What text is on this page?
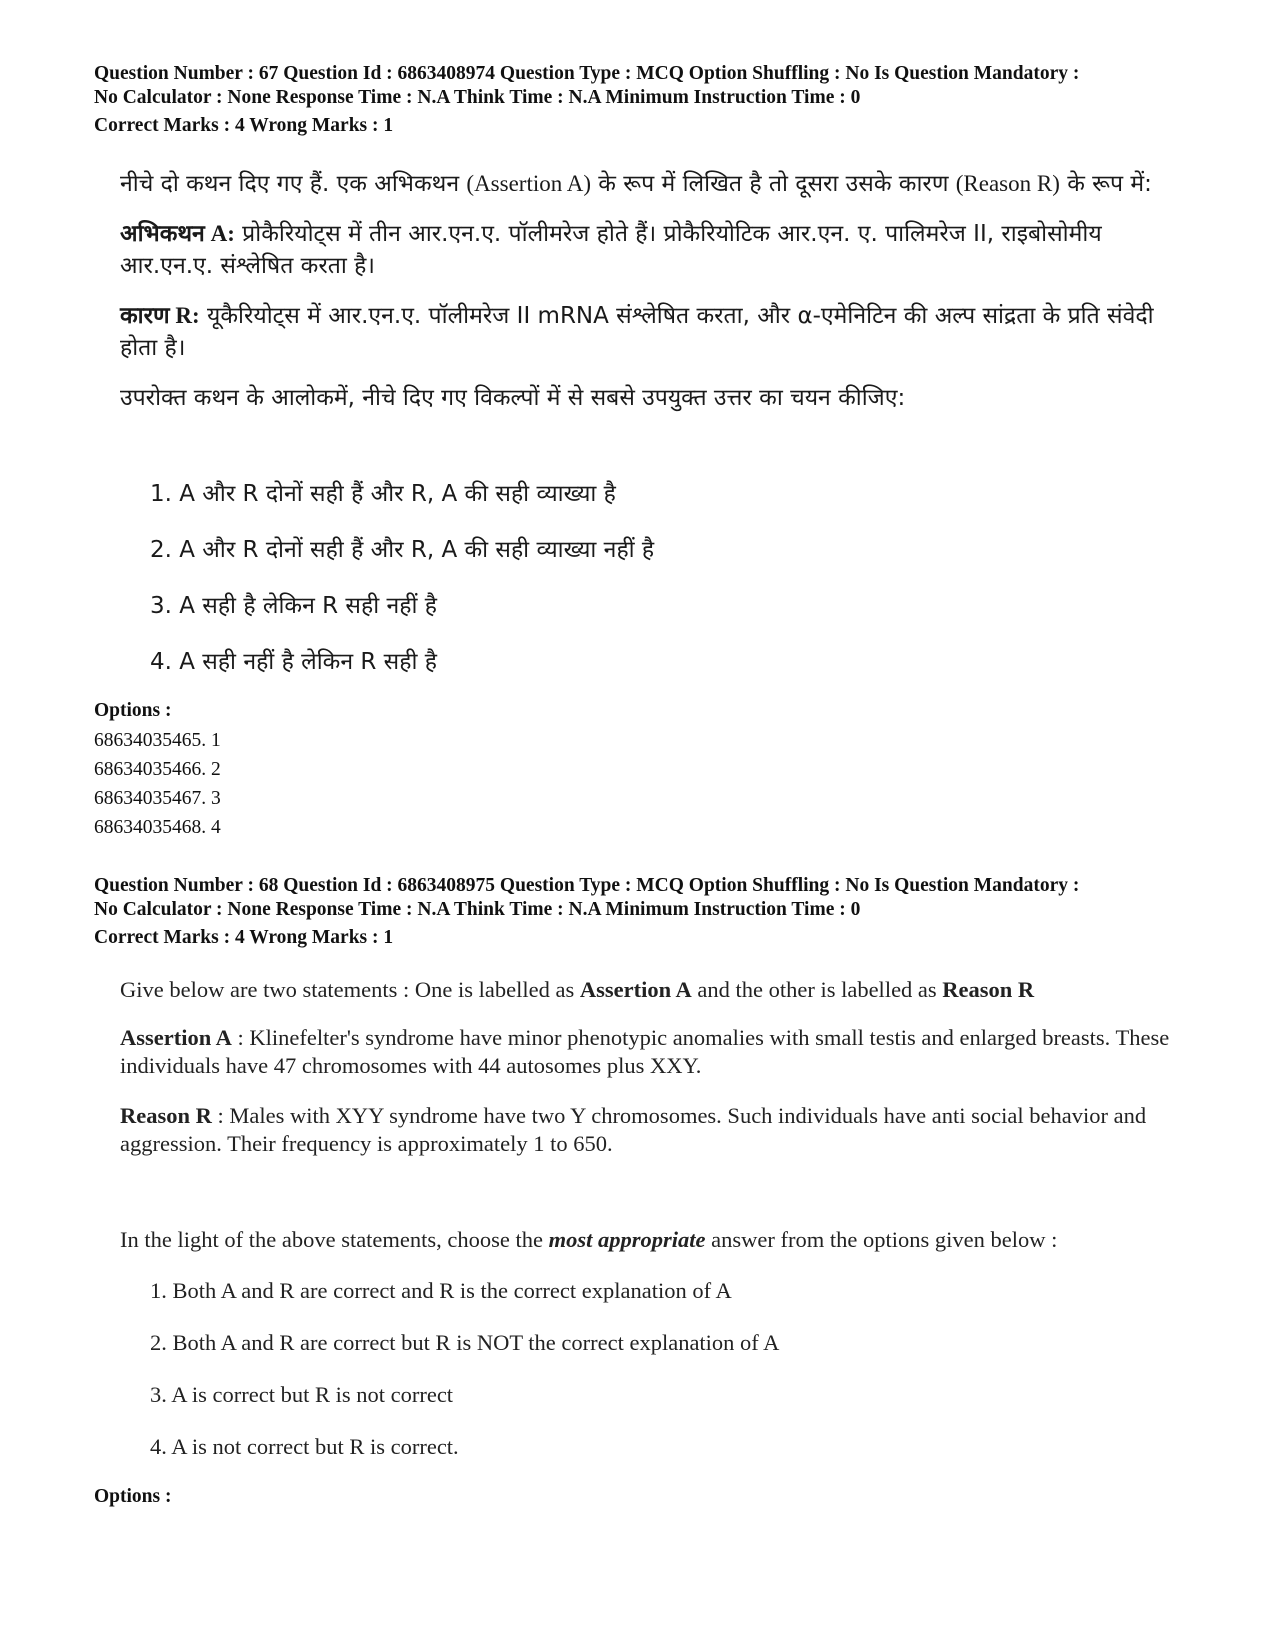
Question Number : 67 Question Id : 6863408974 Question Type : MCQ Option Shuffling : No Is Question Mandatory :
No Calculator : None Response Time : N.A Think Time : N.A Minimum Instruction Time : 0
Correct Marks : 4 Wrong Marks : 1

नीचे दो कथन दिए गए हैं. एक अभिकथन (Assertion A) के रूप में लिखित है तो दूसरा उसके कारण (Reason R) के रूप में:

अभिकथन A: प्रोकैरियोट्स में तीन आर.एन.ए. पॉलीमरेज होते हैं। प्रोकैरियोटिक आर.एन. ए. पालिमरेज II, राइबोसोमीय आर.एन.ए. संश्लेषित करता है।

कारण R: यूकैरियोट्स में आर.एन.ए. पॉलीमरेज II mRNA संश्लेषित करता, और α-एमेनिटिन की अल्प सांद्रता के प्रति संवेदी होता है।

उपरोक्त कथन के आलोकमें, नीचे दिए गए विकल्पों में से सबसे उपयुक्त उत्तर का चयन कीजिए:

1. A और R दोनों सही हैं और R, A की सही व्याख्या है
2. A और R दोनों सही हैं और R, A की सही व्याख्या नहीं है
3. A सही है लेकिन R सही नहीं है
4. A सही नहीं है लेकिन R सही है
Options :
68634035465. 1
68634035466. 2
68634035467. 3
68634035468. 4
Question Number : 68 Question Id : 6863408975 Question Type : MCQ Option Shuffling : No Is Question Mandatory :
No Calculator : None Response Time : N.A Think Time : N.A Minimum Instruction Time : 0
Correct Marks : 4 Wrong Marks : 1

Give below are two statements : One is labelled as Assertion A and the other is labelled as Reason R

Assertion A : Klinefelter's syndrome have minor phenotypic anomalies with small testis and enlarged breasts. These individuals have 47 chromosomes with 44 autosomes plus XXY.

Reason R : Males with XYY syndrome have two Y chromosomes. Such individuals have anti social behavior and aggression. Their frequency is approximately 1 to 650.

In the light of the above statements, choose the most appropriate answer from the options given below :

1. Both A and R are correct and R is the correct explanation of A
2. Both A and R are correct but R is NOT the correct explanation of A
3. A is correct but R is not correct
4. A is not correct but R is correct.
Options :
